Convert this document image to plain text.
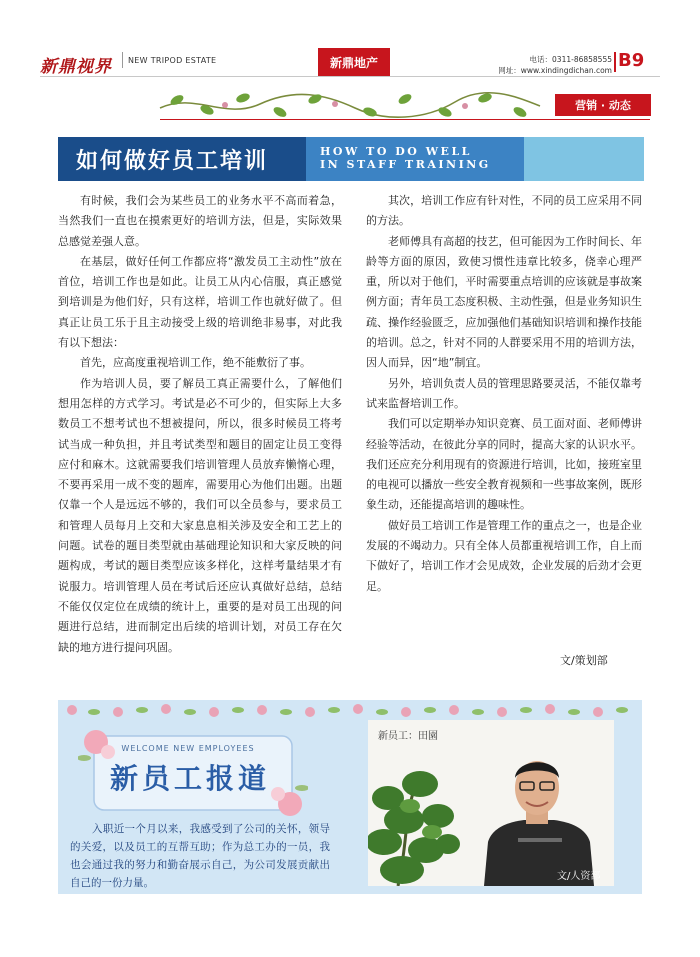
新鼎视界 NEW TRIPOD ESTATE	新鼎地产	电话：0311-86858555
网址：www.xindingdichan.com B9
营销 · 动态
如何做好员工培训	HOW TO DO WELL
IN STAFF TRAINING

有时候，我们会为某些员工的业务水平不高而着急，当然我们一直也在摸索更好的培训方法，但是，实际效果总感觉差强人意。

在基层，做好任何工作都应将“激发员工主动性”放在首位，培训工作也是如此。让员工从内心信服，真正感觉到培训是为他们好，只有这样，培训工作也就好做了。但真正让员工乐于且主动接受上级的培训绝非易事，对此我有以下想法：

首先，应高度重视培训工作，绝不能敷衍了事。

作为培训人员，要了解员工真正需要什么，了解他们想用怎样的方式学习。考试是必不可少的，但实际上大多数员工不想考试也不想被提问，所以，很多时候员工将考试当成一种负担，并且考试类型和题目的固定让员工变得应付和麻木。这就需要我们培训管理人员放弃懒惰心理，不要再采用一成不变的题库，需要用心为他们出题。出题仅靠一个人是远远不够的，我们可以全员参与，要求员工和管理人员每月上交和大家息息相关涉及安全和工艺上的问题。试卷的题目类型就由基础理论知识和大家反映的问题构成，考试的题目类型应该多样化，这样考量结果才有说服力。培训管理人员在考试后还应认真做好总结，总结不能仅仅定位在成绩的统计上，重要的是对员工出现的问题进行总结，进而制定出后续的培训计划，对员工存在欠缺的地方进行提问巩固。

其次，培训工作应有针对性，不同的员工应采用不同的方法。

老师傅具有高超的技艺，但可能因为工作时间长、年龄等方面的原因，致使习惯性违章比较多，侥幸心理严重，所以对于他们，平时需要重点培训的应该就是事故案例方面；青年员工态度积极、主动性强，但是业务知识生疏、操作经验匮乏，应加强他们基础知识培训和操作技能的培训。总之，针对不同的人群要采用不用的培训方法，因人而异，因“地”制宜。

另外，培训负责人员的管理思路要灵活，不能仅靠考试来监督培训工作。

我们可以定期举办知识竞赛、员工面对面、老师傅讲经验等活动，在彼此分享的同时，提高大家的认识水平。我们还应充分利用现有的资源进行培训，比如，接班室里的电视可以播放一些安全教育视频和一些事故案例，既形象生动，还能提高培训的趣味性。

做好员工培训工作是管理工作的重点之一，也是企业发展的不竭动力。只有全体人员都重视培训工作，自上而下做好了，培训工作才会见成效，企业发展的后劲才会更足。

文/策划部
WELCOME NEW EMPLOYEES
新员工报道

入职近一个月以来，我感受到了公司的关怀，领导的关爱，以及员工的互帮互助；作为总工办的一员，我也会通过我的努力和勤奋展示自己，为公司发展贡献出自己的一份力量。

新员工：田園
文/人资部
